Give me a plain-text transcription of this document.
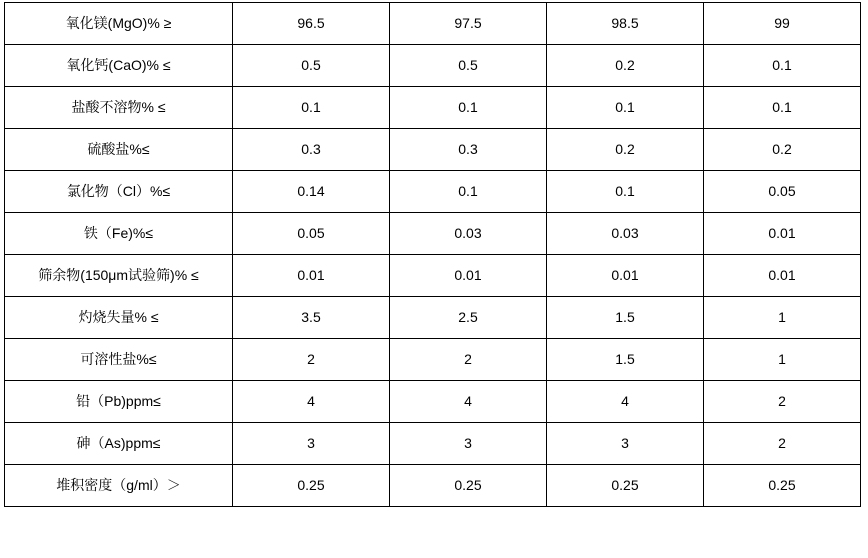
氧化镁(MgO)% ≥	96.5	97.5	98.5	99
氧化钙(CaO)% ≤	0.5	0.5	0.2	0.1
盐酸不溶物% ≤	0.1	0.1	0.1	0.1
硫酸盐%≤	0.3	0.3	0.2	0.2
氯化物（Cl）%≤	0.14	0.1	0.1	0.05
铁（Fe)%≤	0.05	0.03	0.03	0.01
筛余物(150μm试验筛)% ≤	0.01	0.01	0.01	0.01
灼烧失量% ≤	3.5	2.5	1.5	1
可溶性盐%≤	2	2	1.5	1
铅（Pb)ppm≤	4	4	4	2
砷（As)ppm≤	3	3	3	2
堆积密度（g/ml）＞	0.25	0.25	0.25	0.25
